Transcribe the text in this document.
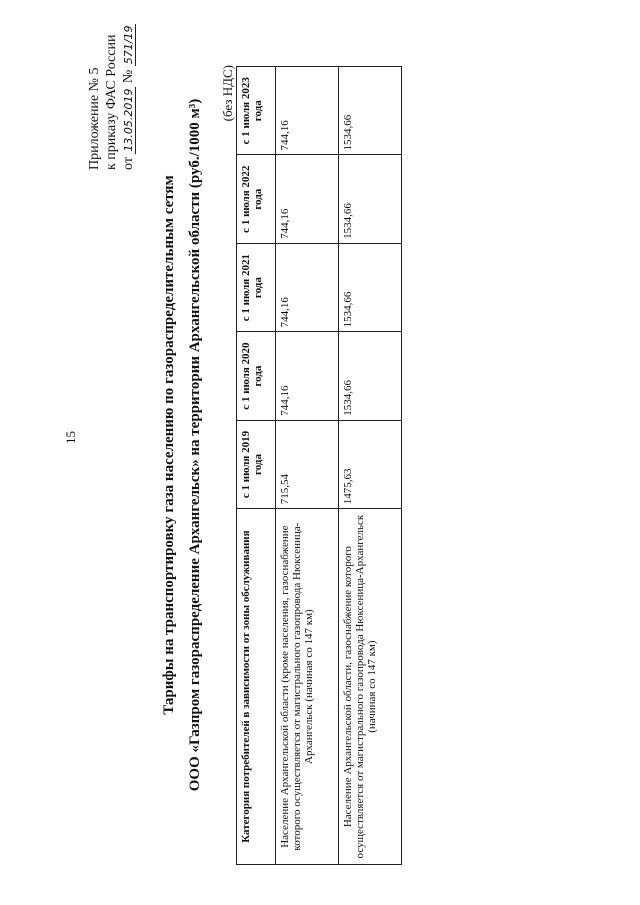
15
Приложение № 5 к приказу ФАС России от 13.05.2019 № 571/19
Тарифы на транспортировку газа населению по газораспределительным сетям ООО «Газпром газораспределение Архангельск» на территории Архангельской области (руб./1000 м³)
(без НДС)
Категория потребителей в зависимости от зоны обслуживания	с 1 июля 2019 года	с 1 июля 2020 года	с 1 июля 2021 года	с 1 июля 2022 года	с 1 июля 2023 года
Население Архангельской области (кроме населения, газоснабжение которого осуществляется от магистрального газопровода Нюксеница-Архангельск (начиная со 147 км)	715,54	744,16	744,16	744,16	744,16
Население Архангельской области, газоснабжение которого осуществляется от магистрального газопровода Нюксеница-Архангельск (начиная со 147 км)	1475,63	1534,66	1534,66	1534,66	1534,66
